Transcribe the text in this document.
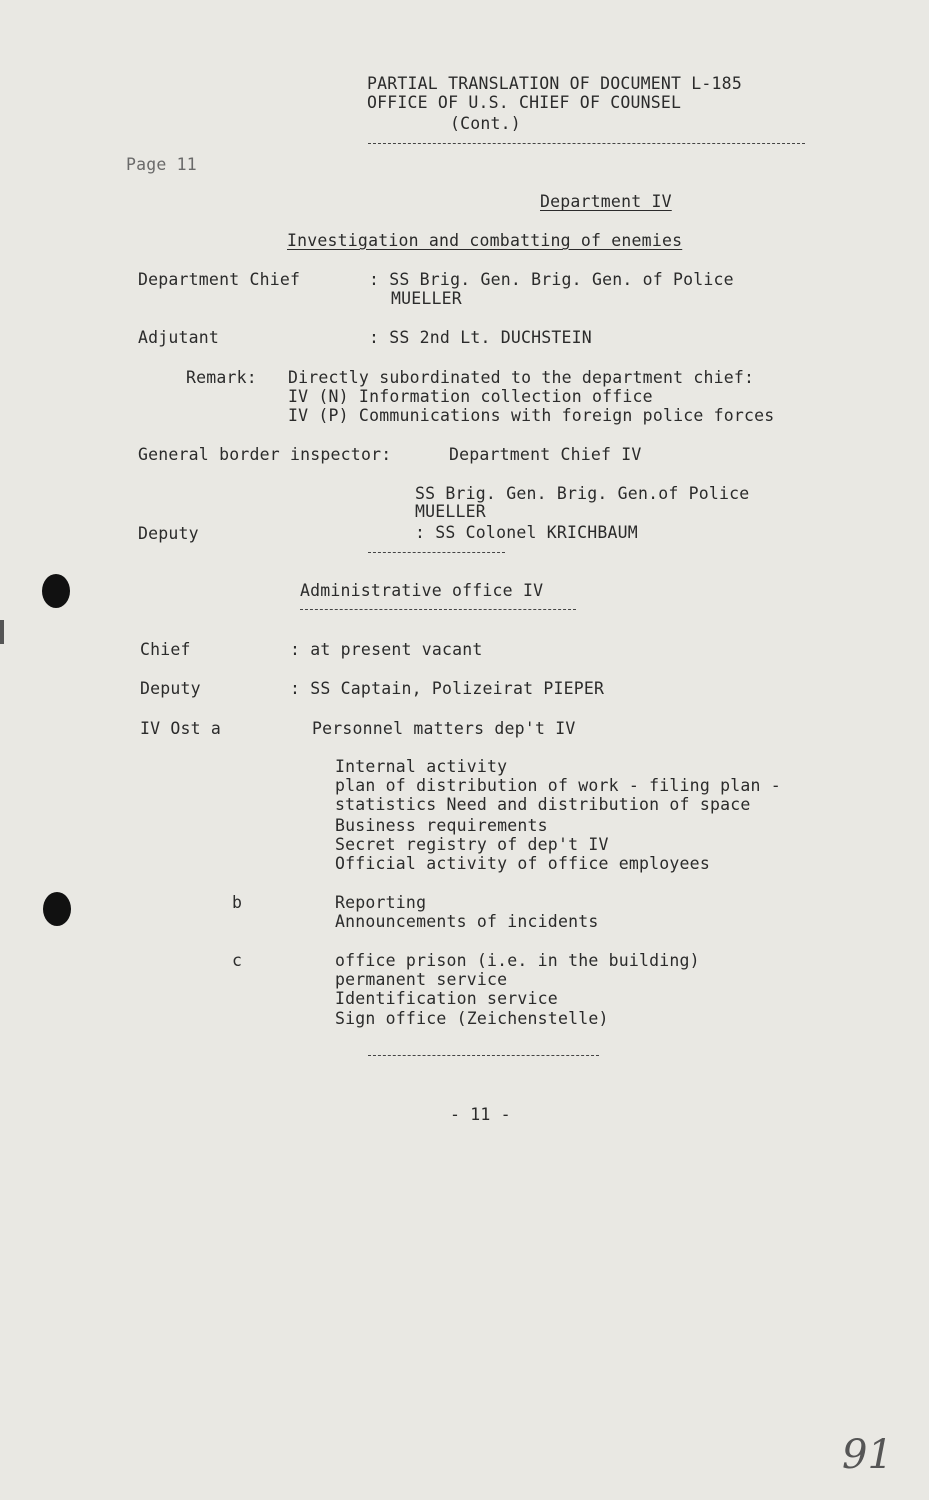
PARTIAL TRANSLATION OF DOCUMENT L-185
OFFICE OF U.S. CHIEF OF COUNSEL
(Cont.)
Page 11
Department IV
Investigation and combatting of enemies
Department Chief	: SS Brig. Gen. Brig. Gen. of Police
MUELLER
Adjutant	: SS 2nd Lt. DUCHSTEIN
Remark: Directly subordinated to the department chief:
IV (N) Information collection office
IV (P) Communications with foreign police forces
General border inspector:	Department Chief IV
SS Brig. Gen. Brig. Gen.of Police
MUELLER
Deputy	: SS Colonel KRICHBAUM
Administrative office IV
Chief	: at present vacant
Deputy	: SS Captain, Polizeirat PIEPER
IV Ost a	Personnel matters dep't IV
Internal activity
plan of distribution of work - filing plan -
statistics Need and distribution of space
Business requirements
Secret registry of dep't IV
Official activity of office employees
b	Reporting
Announcements of incidents
c	office prison (i.e. in the building)
permanent service
Identification service
Sign office (Zeichenstelle)
- 11 -
91
